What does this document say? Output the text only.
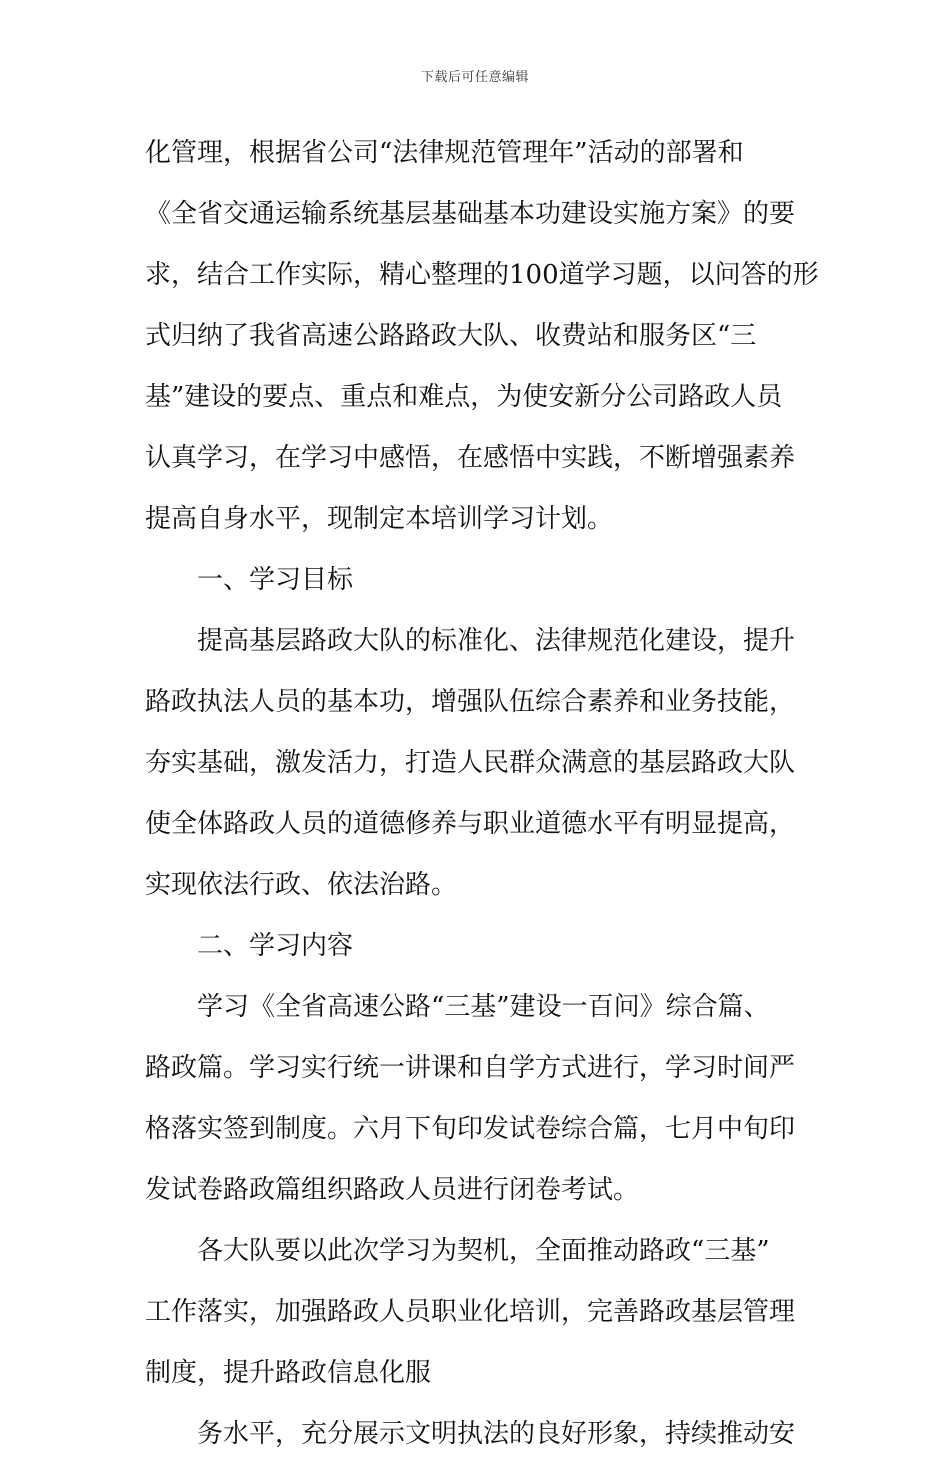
下载后可任意编辑
化管理，根据省公司“法律规范管理年”活动的部署和
《全省交通运输系统基层基础基本功建设实施方案》的要
求，结合工作实际，精心整理的100道学习题，以问答的形
式归纳了我省高速公路路政大队、收费站和服务区“三
基”建设的要点、重点和难点，为使安新分公司路政人员
认真学习，在学习中感悟，在感悟中实践，不断增强素养
提高自身水平，现制定本培训学习计划。
　　一、学习目标
　　提高基层路政大队的标准化、法律规范化建设，提升
路政执法人员的基本功，增强队伍综合素养和业务技能，
夯实基础，激发活力，打造人民群众满意的基层路政大队
使全体路政人员的道德修养与职业道德水平有明显提高，
实现依法行政、依法治路。
　　二、学习内容
　　学习《全省高速公路“三基”建设一百问》综合篇、
路政篇。学习实行统一讲课和自学方式进行，学习时间严
格落实签到制度。六月下旬印发试卷综合篇，七月中旬印
发试卷路政篇组织路政人员进行闭卷考试。
　　各大队要以此次学习为契机，全面推动路政“三基”
工作落实，加强路政人员职业化培训，完善路政基层管理
制度，提升路政信息化服
　　务水平，充分展示文明执法的良好形象，持续推动安
